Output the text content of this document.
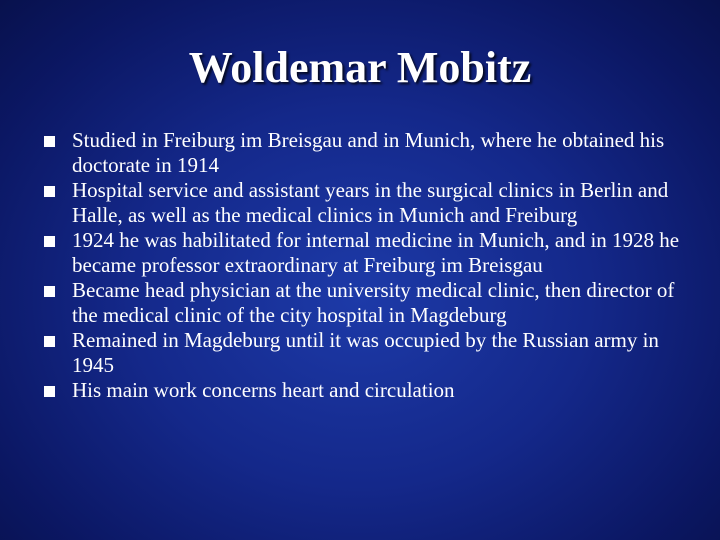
Woldemar Mobitz
Studied in Freiburg im Breisgau and in Munich, where he obtained his doctorate in 1914
Hospital service and assistant years in the surgical clinics in Berlin and Halle, as well as the medical clinics in Munich and Freiburg
1924 he was habilitated for internal medicine in Munich, and in 1928 he became professor extraordinary at Freiburg im Breisgau
Became head physician at the university medical clinic, then director of the medical clinic of the city hospital in Magdeburg
Remained in Magdeburg until it was occupied by the Russian army in 1945
His main work concerns heart and circulation
